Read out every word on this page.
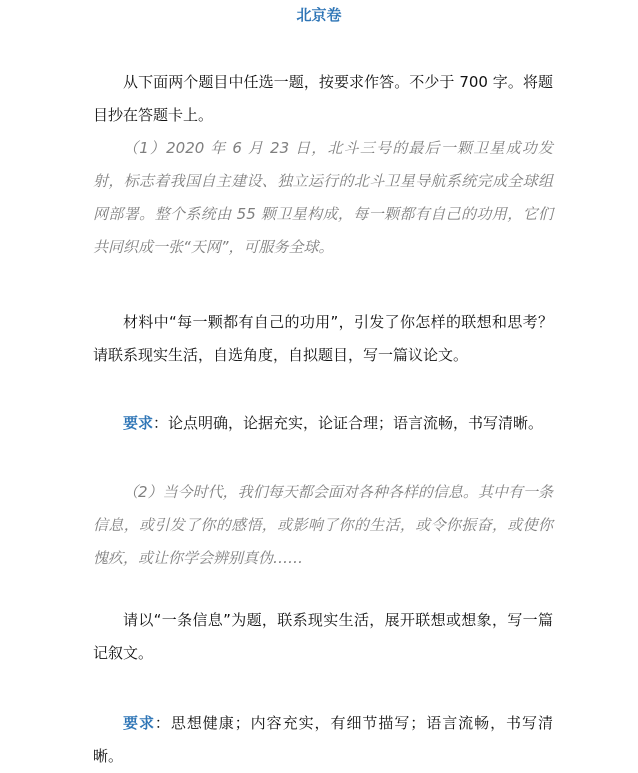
北京卷

从下面两个题目中任选一题，按要求作答。不少于 700 字。将题目抄在答题卡上。

（1）2020 年 6 月 23 日，北斗三号的最后一颗卫星成功发射，标志着我国自主建设、独立运行的北斗卫星导航系统完成全球组网部署。整个系统由 55 颗卫星构成，每一颗都有自己的功用，它们共同织成一张“天网”，可服务全球。

材料中“每一颗都有自己的功用”，引发了你怎样的联想和思考？请联系现实生活，自选角度，自拟题目，写一篇议论文。

要求：论点明确，论据充实，论证合理；语言流畅，书写清晰。

（2）当今时代，我们每天都会面对各种各样的信息。其中有一条信息，或引发了你的感悟，或影响了你的生活，或令你振奋，或使你愧疚，或让你学会辨别真伪……

请以“一条信息”为题，联系现实生活，展开联想或想象，写一篇记叙文。

要求：思想健康；内容充实，有细节描写；语言流畅，书写清晰。
